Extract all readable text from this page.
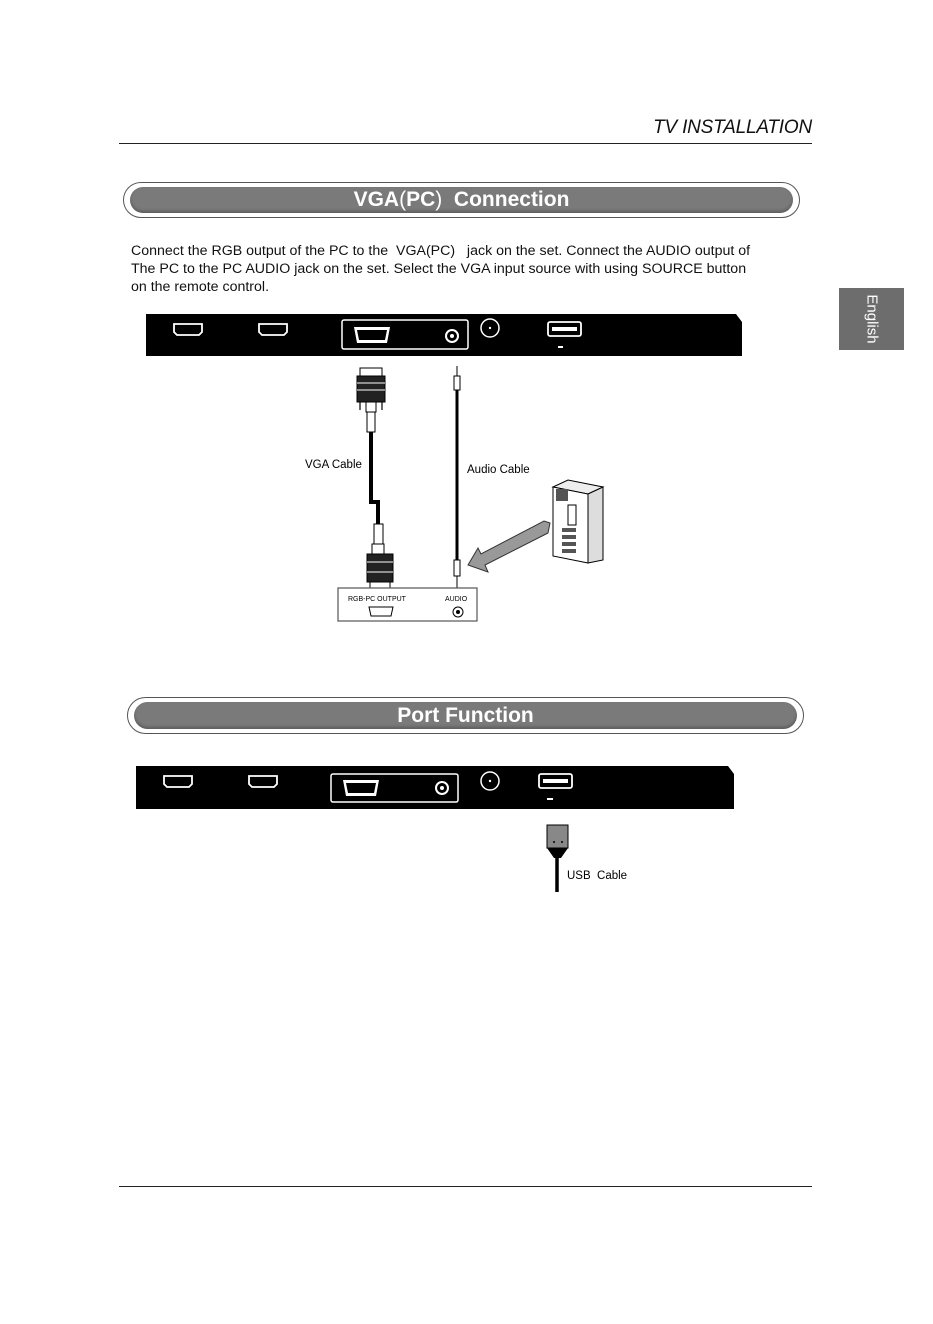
TV INSTALLATION
English
VGA ( PC ) Connection

Connect the RGB output of the PC to the  VGA(PC)   jack on the set. Connect the AUDIO output of

The PC to the PC AUDIO jack on the set. Select the VGA input source with using SOURCE button

on the remote control.

VGA Cable	Audio Cable
RGB-PC OUTPUT	AUDIO
Port Function
USB  Cable
